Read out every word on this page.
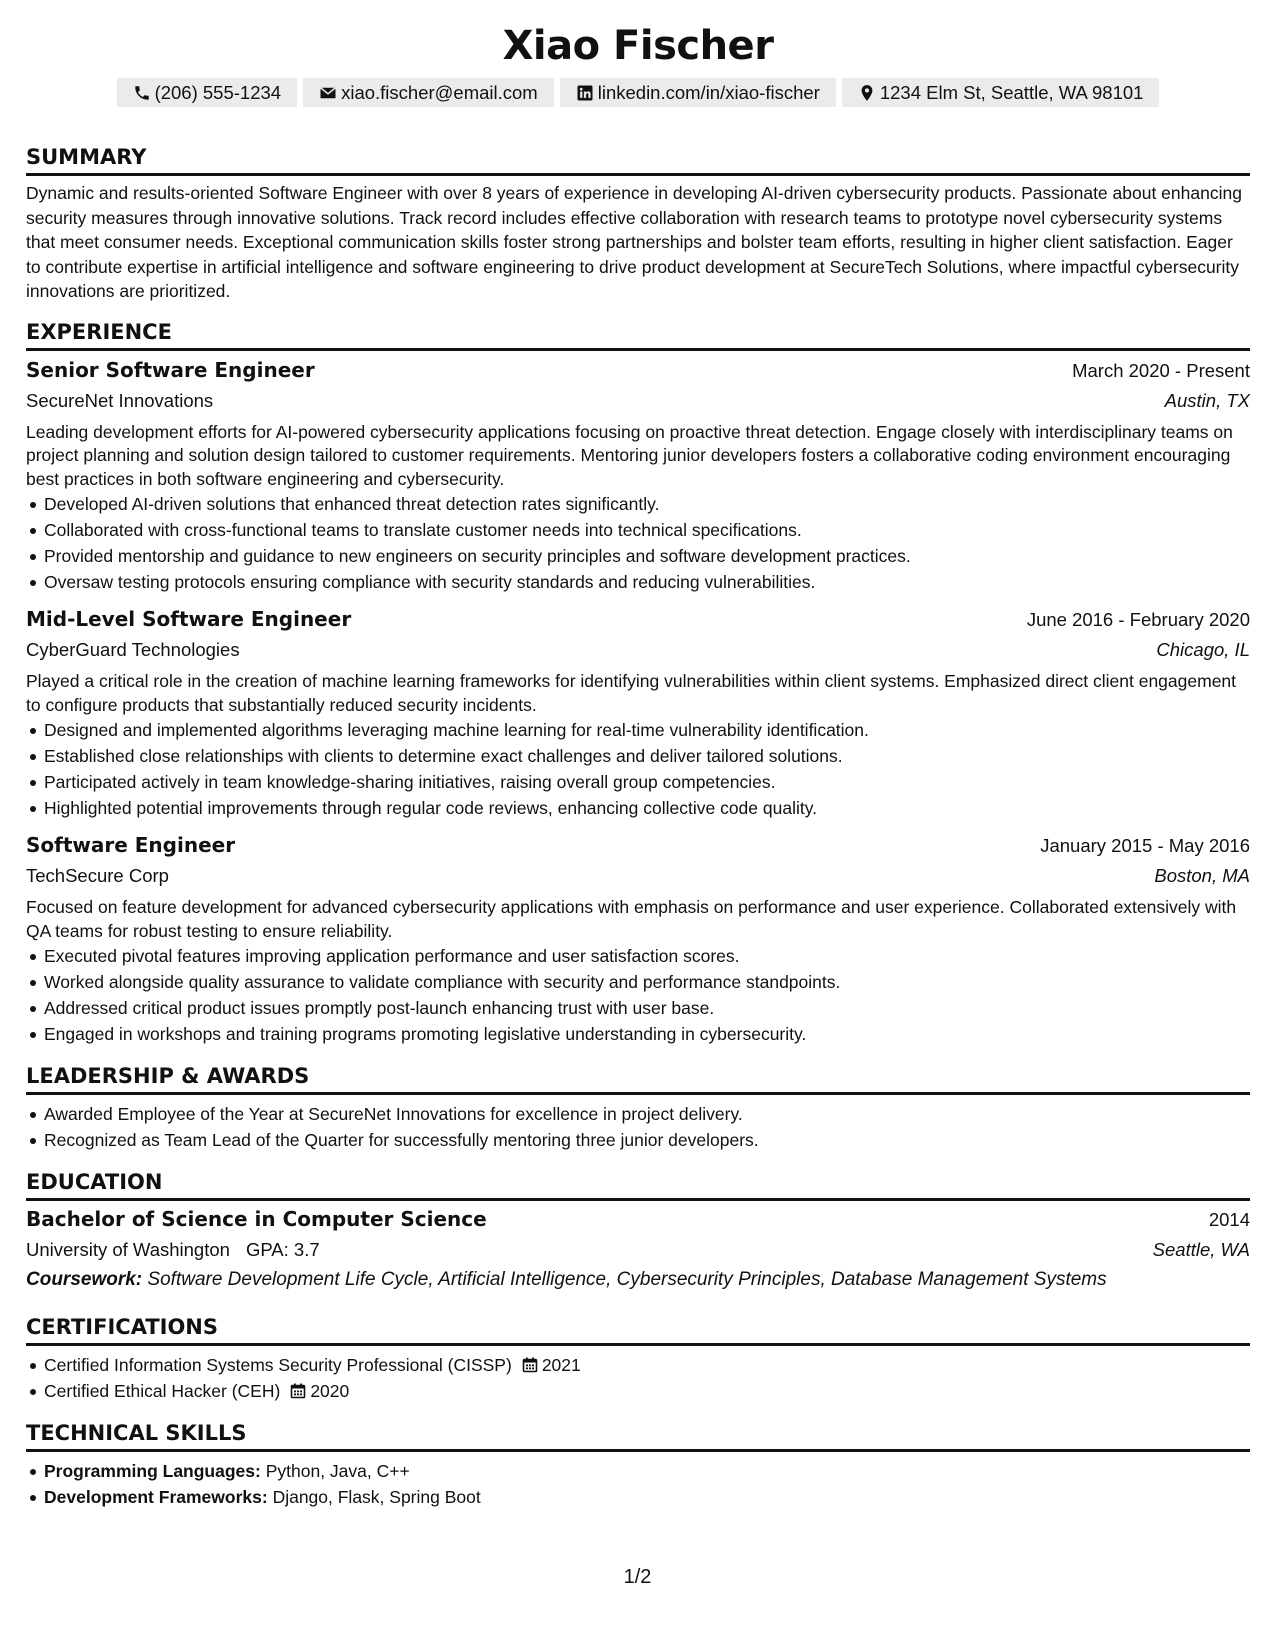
Xiao Fischer
(206) 555-1234	xiao.fischer@email.com	linkedin.com/in/xiao-fischer	1234 Elm St, Seattle, WA 98101
SUMMARY
Dynamic and results-oriented Software Engineer with over 8 years of experience in developing AI-driven cybersecurity products. Passionate about enhancing security measures through innovative solutions. Track record includes effective collaboration with research teams to prototype novel cybersecurity systems that meet consumer needs. Exceptional communication skills foster strong partnerships and bolster team efforts, resulting in higher client satisfaction. Eager to contribute expertise in artificial intelligence and software engineering to drive product development at SecureTech Solutions, where impactful cybersecurity innovations are prioritized.
EXPERIENCE
Senior Software Engineer	March 2020 - Present
SecureNet Innovations	Austin, TX
Leading development efforts for AI-powered cybersecurity applications focusing on proactive threat detection. Engage closely with interdisciplinary teams on project planning and solution design tailored to customer requirements. Mentoring junior developers fosters a collaborative coding environment encouraging best practices in both software engineering and cybersecurity.
Developed AI-driven solutions that enhanced threat detection rates significantly.
Collaborated with cross-functional teams to translate customer needs into technical specifications.
Provided mentorship and guidance to new engineers on security principles and software development practices.
Oversaw testing protocols ensuring compliance with security standards and reducing vulnerabilities.
Mid-Level Software Engineer	June 2016 - February 2020
CyberGuard Technologies	Chicago, IL
Played a critical role in the creation of machine learning frameworks for identifying vulnerabilities within client systems. Emphasized direct client engagement to configure products that substantially reduced security incidents.
Designed and implemented algorithms leveraging machine learning for real-time vulnerability identification.
Established close relationships with clients to determine exact challenges and deliver tailored solutions.
Participated actively in team knowledge-sharing initiatives, raising overall group competencies.
Highlighted potential improvements through regular code reviews, enhancing collective code quality.
Software Engineer	January 2015 - May 2016
TechSecure Corp	Boston, MA
Focused on feature development for advanced cybersecurity applications with emphasis on performance and user experience. Collaborated extensively with QA teams for robust testing to ensure reliability.
Executed pivotal features improving application performance and user satisfaction scores.
Worked alongside quality assurance to validate compliance with security and performance standpoints.
Addressed critical product issues promptly post-launch enhancing trust with user base.
Engaged in workshops and training programs promoting legislative understanding in cybersecurity.
LEADERSHIP & AWARDS
Awarded Employee of the Year at SecureNet Innovations for excellence in project delivery.
Recognized as Team Lead of the Quarter for successfully mentoring three junior developers.
EDUCATION
Bachelor of Science in Computer Science	2014
University of Washington GPA: 3.7	Seattle, WA
Coursework: Software Development Life Cycle, Artificial Intelligence, Cybersecurity Principles, Database Management Systems
CERTIFICATIONS
Certified Information Systems Security Professional (CISSP) 2021
Certified Ethical Hacker (CEH) 2020
TECHNICAL SKILLS
Programming Languages: Python, Java, C++
Development Frameworks: Django, Flask, Spring Boot
1/2
